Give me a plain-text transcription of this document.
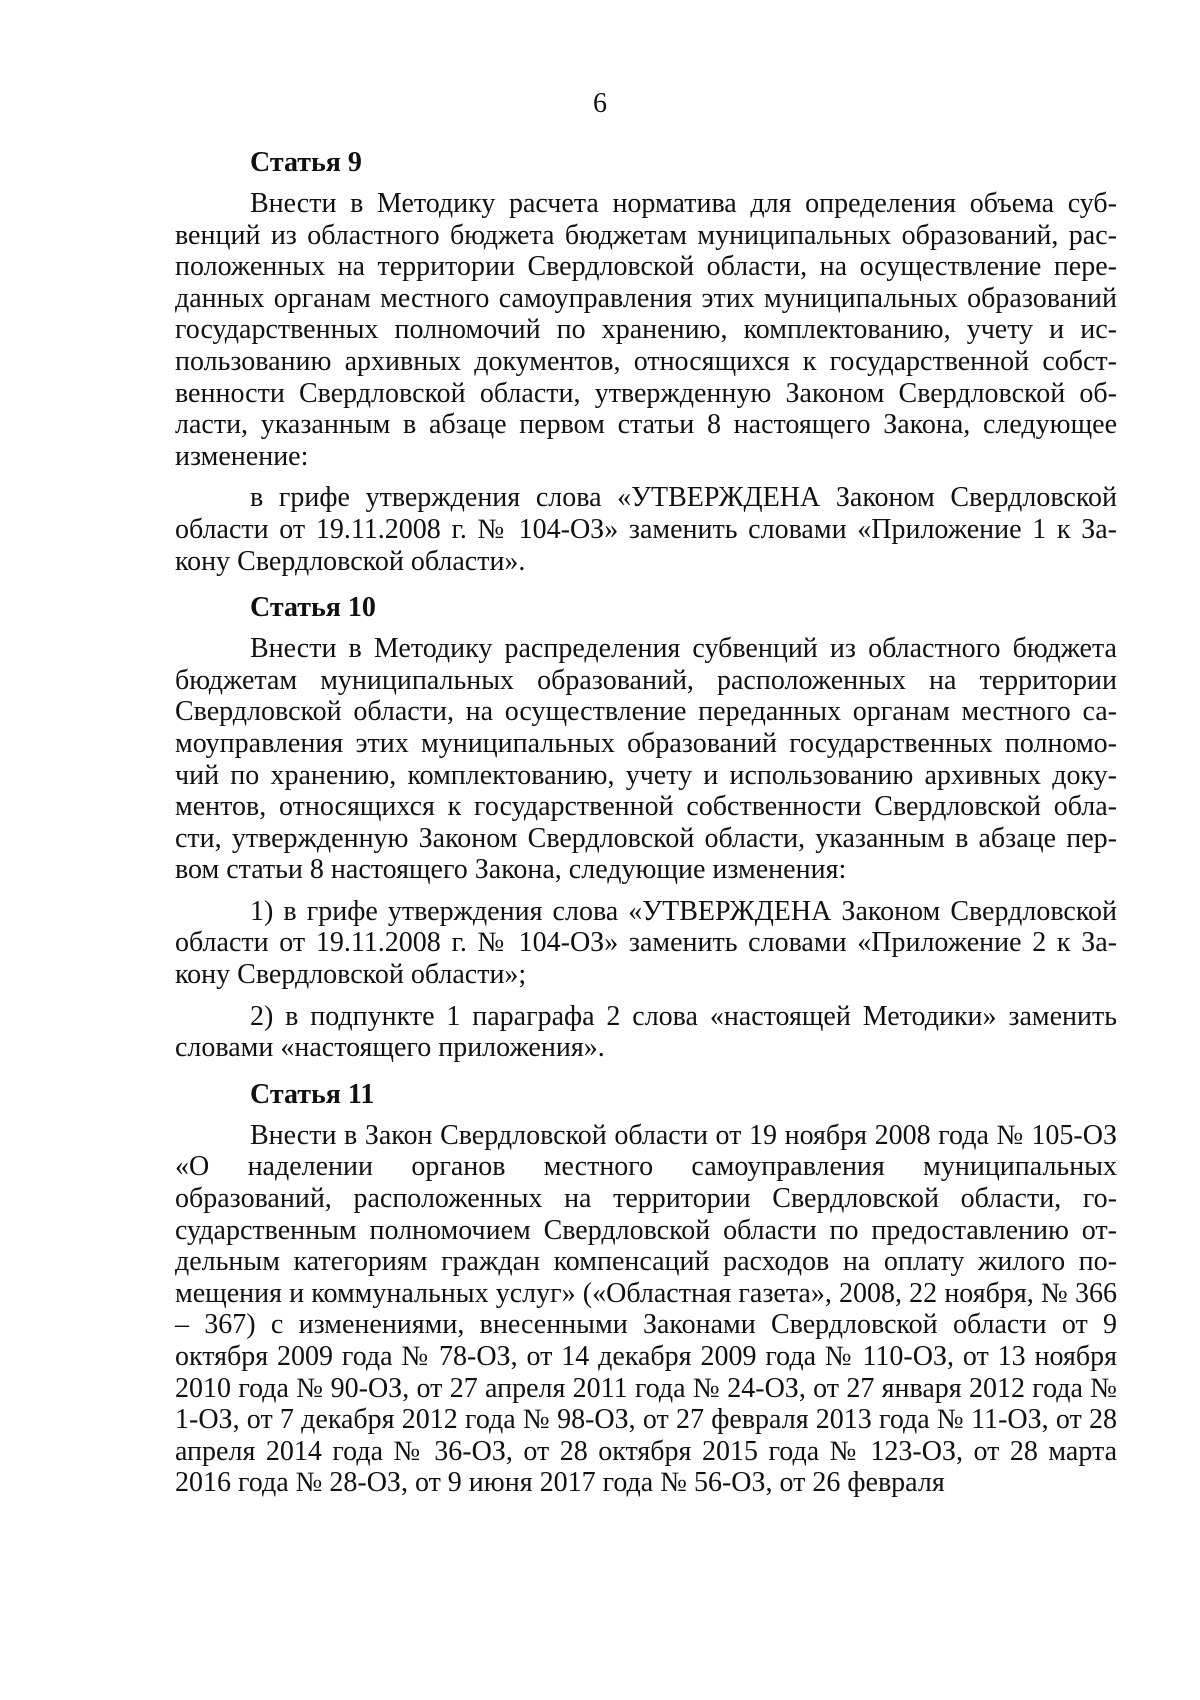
6
Статья 9

Внести в Методику расчета норматива для определения объема субвенций из областного бюджета бюджетам муниципальных образований, расположенных на территории Свердловской области, на осуществление переданных органам местного самоуправления этих муниципальных образований государственных полномочий по хранению, комплектованию, учету и использованию архивных документов, относящихся к государственной собственности Свердловской области, утвержденную Законом Свердловской области, указанным в абзаце первом статьи 8 настоящего Закона, следующее изменение:

в грифе утверждения слова «УТВЕРЖДЕНА Законом Свердловской области от 19.11.2008 г. № 104-ОЗ» заменить словами «Приложение 1 к Закону Свердловской области».

Статья 10

Внести в Методику распределения субвенций из областного бюджета бюджетам муниципальных образований, расположенных на территории Свердловской области, на осуществление переданных органам местного самоуправления этих муниципальных образований государственных полномочий по хранению, комплектованию, учету и использованию архивных документов, относящихся к государственной собственности Свердловской области, утвержденную Законом Свердловской области, указанным в абзаце первом статьи 8 настоящего Закона, следующие изменения:

1) в грифе утверждения слова «УТВЕРЖДЕНА Законом Свердловской области от 19.11.2008 г. № 104-ОЗ» заменить словами «Приложение 2 к Закону Свердловской области»;

2) в подпункте 1 параграфа 2 слова «настоящей Методики» заменить словами «настоящего приложения».

Статья 11

Внести в Закон Свердловской области от 19 ноября 2008 года № 105-ОЗ «О наделении органов местного самоуправления муниципальных образований, расположенных на территории Свердловской области, государственным полномочием Свердловской области по предоставлению отдельным категориям граждан компенсаций расходов на оплату жилого помещения и коммунальных услуг» («Областная газета», 2008, 22 ноября, № 366 – 367) с изменениями, внесенными Законами Свердловской области от 9 октября 2009 года № 78-ОЗ, от 14 декабря 2009 года № 110-ОЗ, от 13 ноября 2010 года № 90-ОЗ, от 27 апреля 2011 года № 24-ОЗ, от 27 января 2012 года № 1-ОЗ, от 7 декабря 2012 года № 98-ОЗ, от 27 февраля 2013 года № 11-ОЗ, от 28 апреля 2014 года № 36-ОЗ, от 28 октября 2015 года № 123-ОЗ, от 28 марта 2016 года № 28-ОЗ, от 9 июня 2017 года № 56-ОЗ, от 26 февраля
